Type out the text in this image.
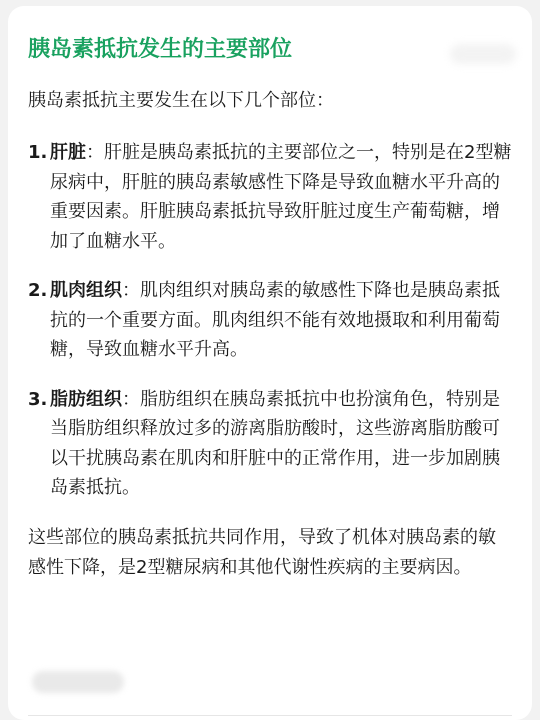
胰岛素抵抗发生的主要部位

胰岛素抵抗主要发生在以下几个部位：

1. 肝脏：肝脏是胰岛素抵抗的主要部位之一，特别是在2型糖尿病中，肝脏的胰岛素敏感性下降是导致血糖水平升高的重要因素。肝脏胰岛素抵抗导致肝脏过度生产葡萄糖，增加了血糖水平。
2. 肌肉组织：肌肉组织对胰岛素的敏感性下降也是胰岛素抵抗的一个重要方面。肌肉组织不能有效地摄取和利用葡萄糖，导致血糖水平升高。
3. 脂肪组织：脂肪组织在胰岛素抵抗中也扮演角色，特别是当脂肪组织释放过多的游离脂肪酸时，这些游离脂肪酸可以干扰胰岛素在肌肉和肝脏中的正常作用，进一步加剧胰岛素抵抗。

这些部位的胰岛素抵抗共同作用，导致了机体对胰岛素的敏感性下降，是2型糖尿病和其他代谢性疾病的主要病因。
